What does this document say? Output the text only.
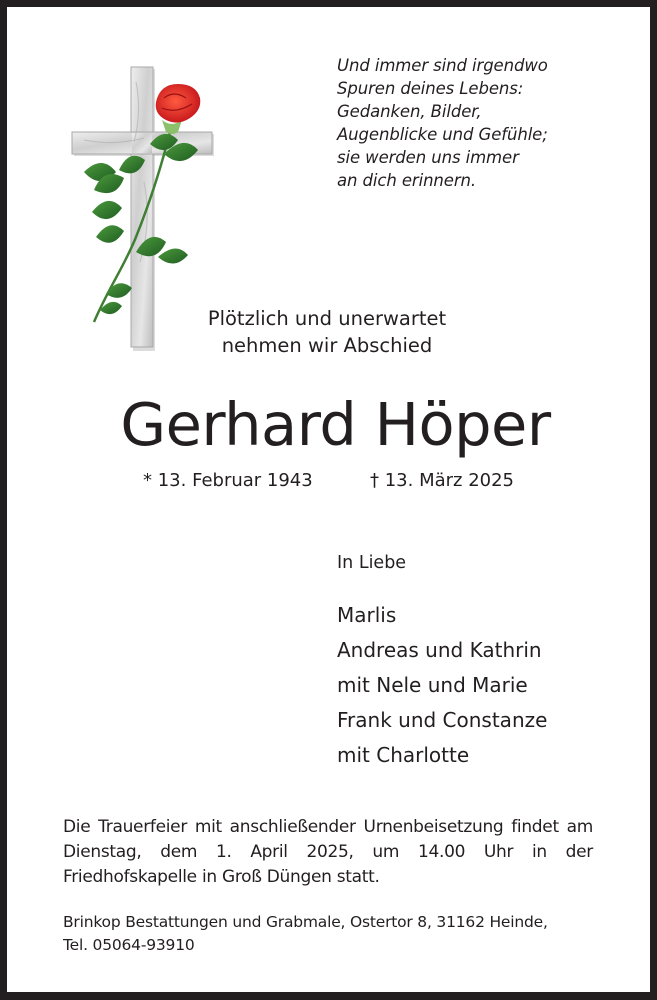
Und immer sind irgendwo
Spuren deines Lebens:
Gedanken, Bilder,
Augenblicke und Gefühle;
sie werden uns immer
an dich erinnern.
Plötzlich und unerwartet
nehmen wir Abschied
Gerhard Höper
* 13. Februar 1943	† 13. März 2025
In Liebe
Marlis
Andreas und Kathrin
mit Nele und Marie
Frank und Constanze
mit Charlotte
Die Trauerfeier mit anschließender Urnenbeisetzung findet am Dienstag, dem 1. April 2025, um 14.00 Uhr in der Friedhofskapelle in Groß Düngen statt.
Brinkop Bestattungen und Grabmale, Ostertor 8, 31162 Heinde,
Tel. 05064-93910
